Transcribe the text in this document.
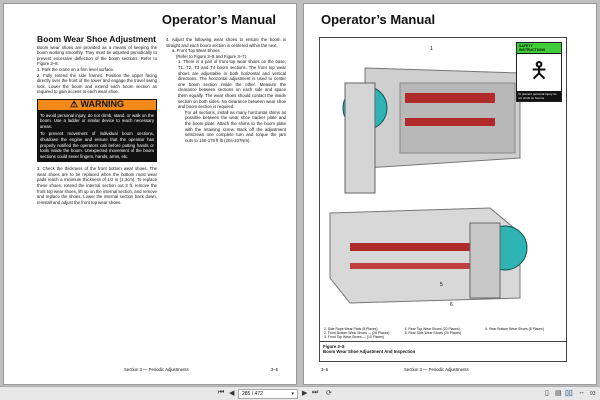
Operator’s Manual
Boom Wear Shoe Adjustment

Boom wear shoes are provided as a means of keeping the boom working smoothly. They must be adjusted periodically to prevent excessive deflection of the boom sections. Refer to Figure 3–8.

1. Park the crane on a firm level surface.

2. Fully extend the side frames. Position the upper facing directly over the front of the tower and engage the travel swing lock. Lower the boom and extend each boom section as required to gain access to each wear shoe.

⚠ WARNING

To avoid personal injury, do not climb, stand, or walk on the boom. Use a ladder or similar device to reach necessary areas.

To prevent movement of individual boom sections, shutdown the engine and ensure that the operator has properly notified the operators cab before putting hands or tools inside the boom. Unexpected movement of the boom sections could sever fingers, hands, arms, etc.

3. Check the thickness of the front bottom wear shoes. The wear shoes are to be replaced when the bottom most wear pads reach a minimum thickness of 1/2 in (1.3cm). To replace these shoes, extend the internal section out 3 ft, remove the front top wear shoes, lift up on the internal section, and remove and replace the shoes. Lower the internal section back down, reinstall and adjust the front top wear shoes.

4. Adjust the following wear shoes to ensure the boom is straight and each boom section is centered within the next.

a. Front Top Wear Shoes

(Refer to Figure 3–8 and Figure 3–7)

1. There is a pair of front top wear shoes on the base, T1, T2, T3 and T4 boom sections. The front top wear shoes are adjustable in both horizontal and vertical directions. The horizontal adjustment is used to center one boom section inside the other. Measure the clearance between sections on each side and space them equally. The wear shoes should contact the inside section on both sides. No clearance between wear shoe and boom section is required.

For all sections, install as many horizontal shims as possible between the wear shoe backer plate and the boom plate. Attach the shims to the boom plate with the retaining screw. Back off the adjustment setscrews one complete turn and torque the jam nuts to 150-175 ft lb (204-237Nm).

Section 3 — Periodic Adjustments	3–5
Operator’s Manual
1
5
6
SAFETY INSTRUCTIONS
🯅
To prevent personal injury do not climb on booms
1. Side Rope Wear Pads (8 Places)	4. Rear Top Wear Shoes (20 Places)	6. Rear Bottom Wear Shoes (8 Places)
2. Front Bottom Wear Shoes — (28 Places)	5. Rear Side Wear Shoes (20 Places)
3. Front Top Wear Shoes — (10 Places)
Figure 3–8
Boom Wear Shoe Adjustment And Inspection
3–6	Section 3 — Periodic Adjustments
⏮ ◀	285 / 472	▾ ▶ ⏭ ⟳	▯ ▤ ▯▯ ↔ 93
